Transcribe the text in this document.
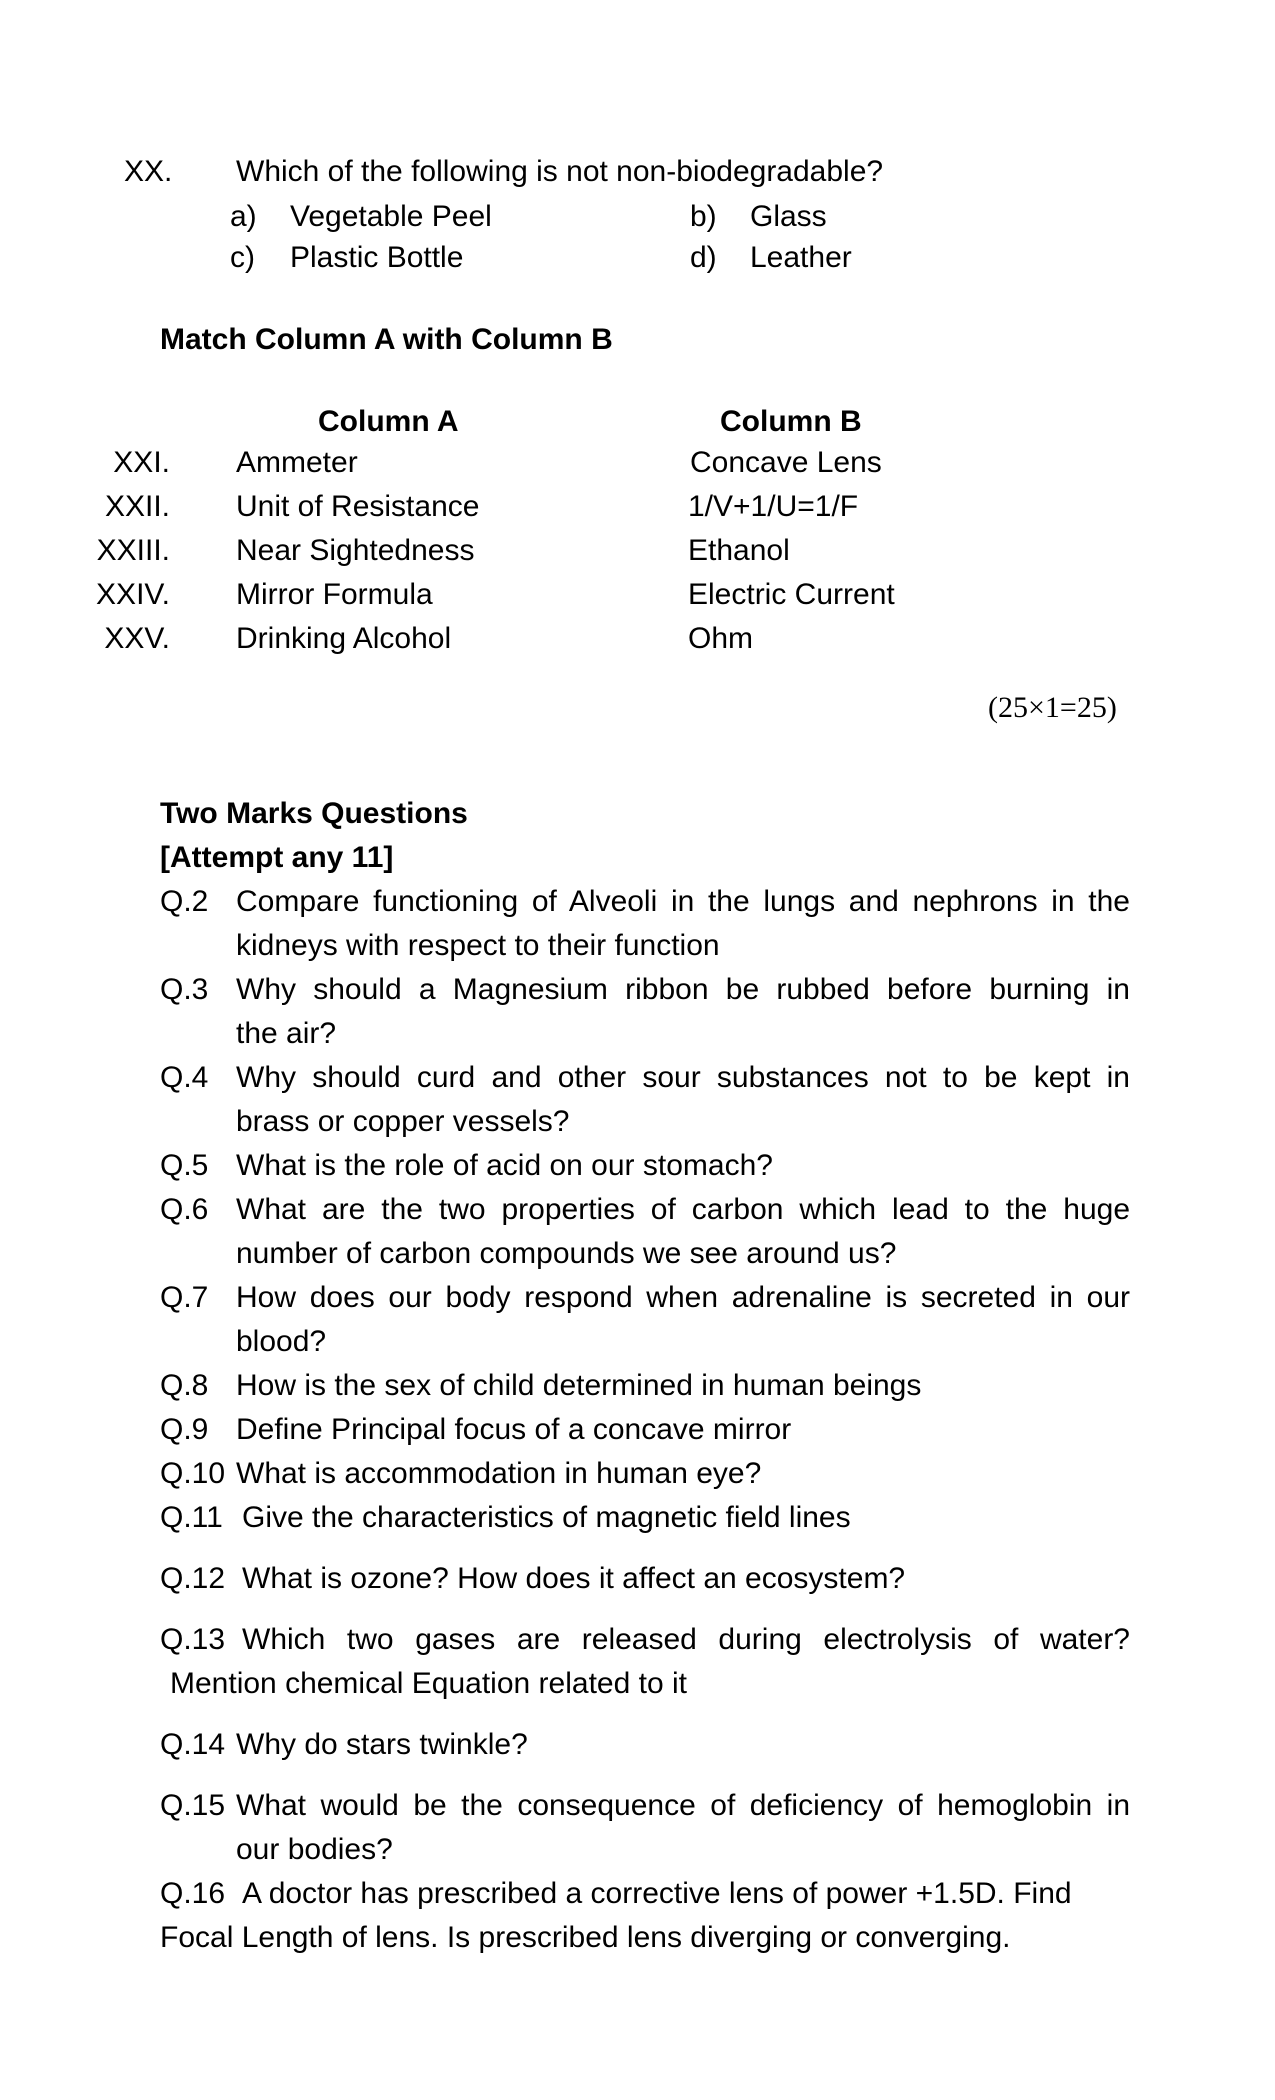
XX. Which of the following is not non-biodegradable?
a) Vegetable Peel	b) Glass
c) Plastic Bottle	d) Leather
Match Column A with Column B
Column A	Column B
XXI. Ammeter	Concave Lens
XXII. Unit of Resistance	1/V+1/U=1/F
XXIII. Near Sightedness	Ethanol
XXIV. Mirror Formula	Electric Current
XXV. Drinking Alcohol	Ohm
(25×1=25)
Two Marks Questions
[Attempt any 11]
Q.2 Compare functioning of Alveoli in the lungs and nephrons in the
kidneys with respect to their function
Q.3 Why should a Magnesium ribbon be rubbed before burning in
the air?
Q.4 Why should curd and other sour substances not to be kept in
brass or copper vessels?
Q.5 What is the role of acid on our stomach?
Q.6 What are the two properties of carbon which lead to the huge
number of carbon compounds we see around us?
Q.7 How does our body respond when adrenaline is secreted in our
blood?
Q.8 How is the sex of child determined in human beings
Q.9 Define Principal focus of a concave mirror
Q.10 What is accommodation in human eye?
Q.11 Give the characteristics of magnetic field lines
Q.12 What is ozone? How does it affect an ecosystem?
Q.13 Which two gases are released during electrolysis of water?
Mention chemical Equation related to it
Q.14 Why do stars twinkle?
Q.15 What would be the consequence of deficiency of hemoglobin in
our bodies?
Q.16 A doctor has prescribed a corrective lens of power +1.5D. Find
Focal Length of lens. Is prescribed lens diverging or converging.
